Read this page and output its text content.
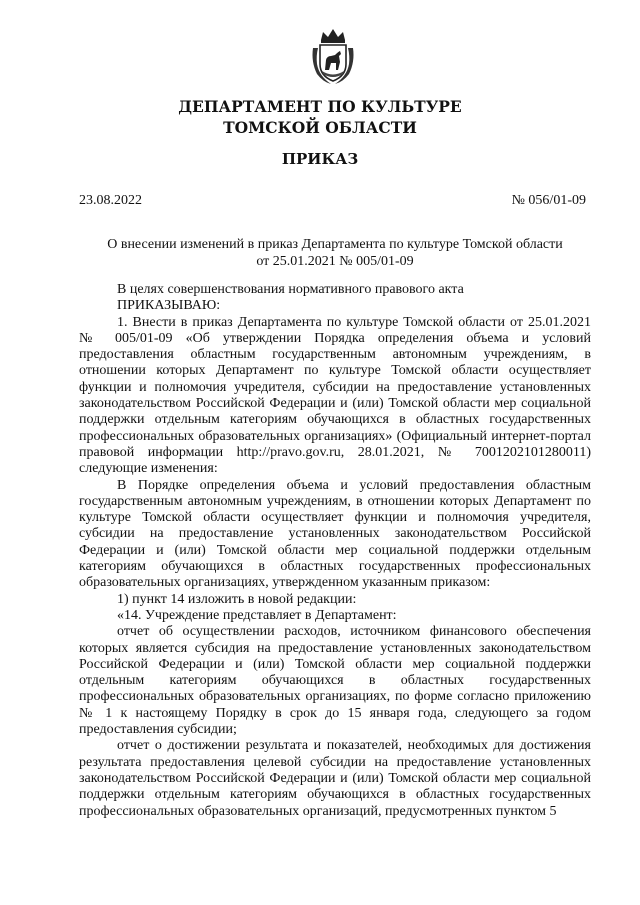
ДЕПАРТАМЕНТ ПО КУЛЬТУРЕ
ТОМСКОЙ ОБЛАСТИ
ПРИКАЗ
23.08.2022	№ 056/01-09
О внесении изменений в приказ Департамента по культуре Томской области
от 25.01.2021 № 005/01-09

В целях совершенствования нормативного правового акта

ПРИКАЗЫВАЮ:

1. Внести в приказ Департамента по культуре Томской области от 25.01.2021 № 005/01-09 «Об утверждении Порядка определения объема и условий предоставления областным государственным автономным учреждениям, в отношении которых Департамент по культуре Томской области осуществляет функции и полномочия учредителя, субсидии на предоставление установленных законодательством Российской Федерации и (или) Томской области мер социальной поддержки отдельным категориям обучающихся в областных государственных профессиональных образовательных организациях» (Официальный интернет-портал правовой информации http://pravo.gov.ru, 28.01.2021, № 7001202101280011) следующие изменения:

В Порядке определения объема и условий предоставления областным государственным автономным учреждениям, в отношении которых Департамент по культуре Томской области осуществляет функции и полномочия учредителя, субсидии на предоставление установленных законодательством Российской Федерации и (или) Томской области мер социальной поддержки отдельным категориям обучающихся в областных государственных профессиональных образовательных организациях, утвержденном указанным приказом:

1) пункт 14 изложить в новой редакции:

«14. Учреждение представляет в Департамент:

отчет об осуществлении расходов, источником финансового обеспечения которых является субсидия на предоставление установленных законодательством Российской Федерации и (или) Томской области мер социальной поддержки отдельным категориям обучающихся в областных государственных профессиональных образовательных организациях, по форме согласно приложению № 1 к настоящему Порядку в срок до 15 января года, следующего за годом предоставления субсидии;

отчет о достижении результата и показателей, необходимых для достижения результата предоставления целевой субсидии на предоставление установленных законодательством Российской Федерации и (или) Томской области мер социальной поддержки отдельным категориям обучающихся в областных государственных профессиональных образовательных организаций, предусмотренных пунктом 5
